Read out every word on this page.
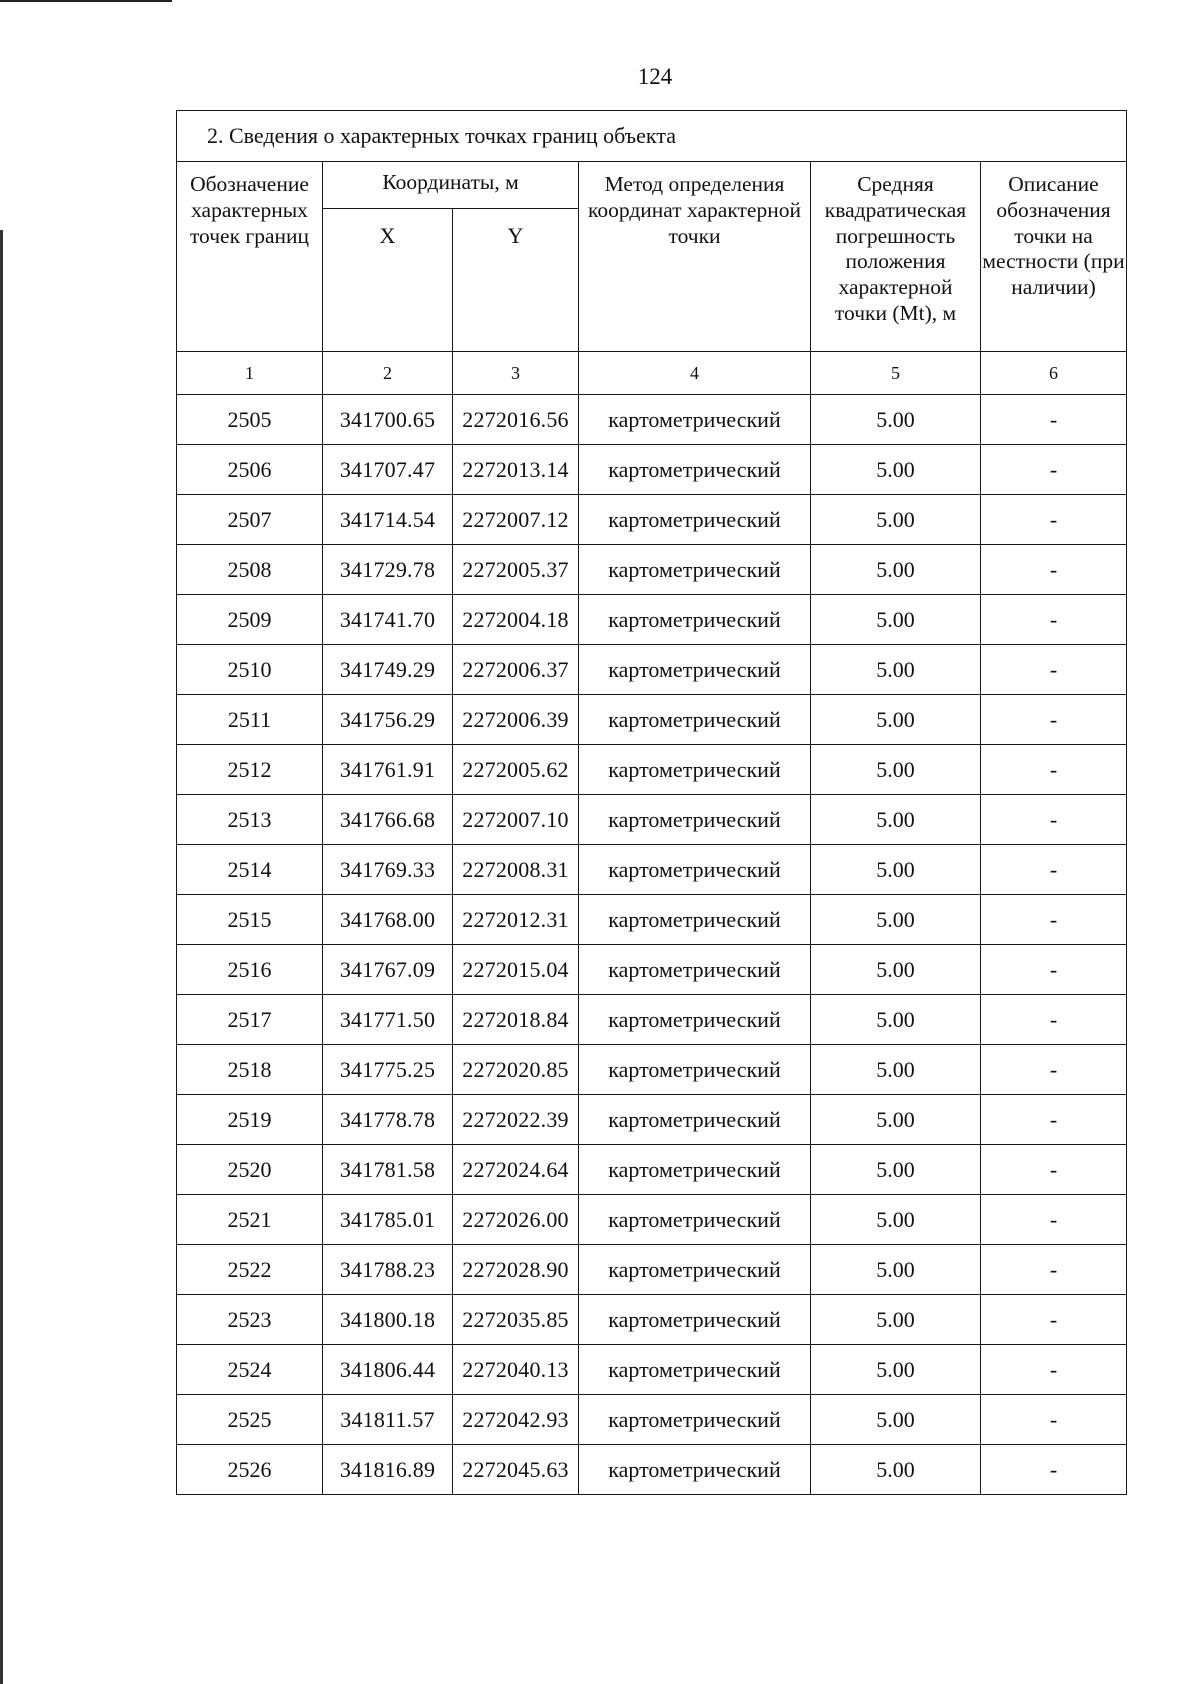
124
2. Сведения о характерных точках границ объекта					
Обозначение характерных точек границ	Координаты, м		Метод определения координат характерной точки	Средняя квадратическая погрешность положения характерной точки (Mt), м	Описание обозначения точки на местности (при наличии)
	X	Y			
1	2	3	4	5	6
2505	341700.65	2272016.56	картометрический	5.00	-
2506	341707.47	2272013.14	картометрический	5.00	-
2507	341714.54	2272007.12	картометрический	5.00	-
2508	341729.78	2272005.37	картометрический	5.00	-
2509	341741.70	2272004.18	картометрический	5.00	-
2510	341749.29	2272006.37	картометрический	5.00	-
2511	341756.29	2272006.39	картометрический	5.00	-
2512	341761.91	2272005.62	картометрический	5.00	-
2513	341766.68	2272007.10	картометрический	5.00	-
2514	341769.33	2272008.31	картометрический	5.00	-
2515	341768.00	2272012.31	картометрический	5.00	-
2516	341767.09	2272015.04	картометрический	5.00	-
2517	341771.50	2272018.84	картометрический	5.00	-
2518	341775.25	2272020.85	картометрический	5.00	-
2519	341778.78	2272022.39	картометрический	5.00	-
2520	341781.58	2272024.64	картометрический	5.00	-
2521	341785.01	2272026.00	картометрический	5.00	-
2522	341788.23	2272028.90	картометрический	5.00	-
2523	341800.18	2272035.85	картометрический	5.00	-
2524	341806.44	2272040.13	картометрический	5.00	-
2525	341811.57	2272042.93	картометрический	5.00	-
2526	341816.89	2272045.63	картометрический	5.00	-
